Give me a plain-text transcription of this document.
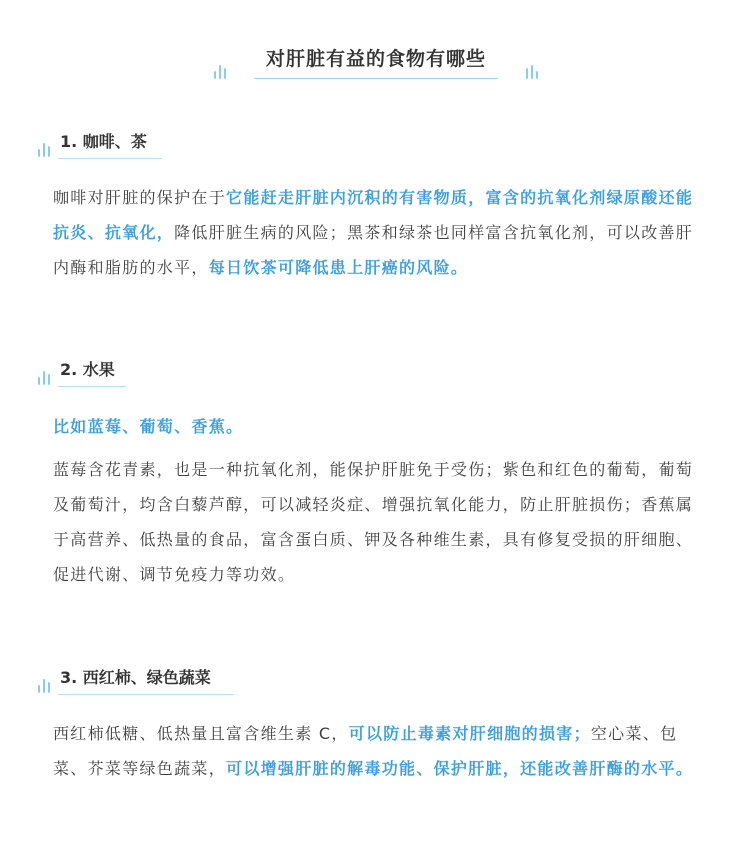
对肝脏有益的食物有哪些
1. 咖啡、茶

咖啡对肝脏的保护在于它能赶走肝脏内沉积的有害物质，富含的抗氧化剂绿原酸还能抗炎、抗氧化，降低肝脏生病的风险；黑茶和绿茶也同样富含抗氧化剂，可以改善肝内酶和脂肪的水平，每日饮茶可降低患上肝癌的风险。

2. 水果

比如蓝莓、葡萄、香蕉。

蓝莓含花青素，也是一种抗氧化剂，能保护肝脏免于受伤；紫色和红色的葡萄，葡萄及葡萄汁，均含白藜芦醇，可以减轻炎症、增强抗氧化能力，防止肝脏损伤；香蕉属于高营养、低热量的食品，富含蛋白质、钾及各种维生素，具有修复受损的肝细胞、促进代谢、调节免疫力等功效。

3. 西红柿、绿色蔬菜

西红柿低糖、低热量且富含维生素 C，可以防止毒素对肝细胞的损害；空心菜、包菜、芥菜等绿色蔬菜，可以增强肝脏的解毒功能、保护肝脏，还能改善肝酶的水平。
